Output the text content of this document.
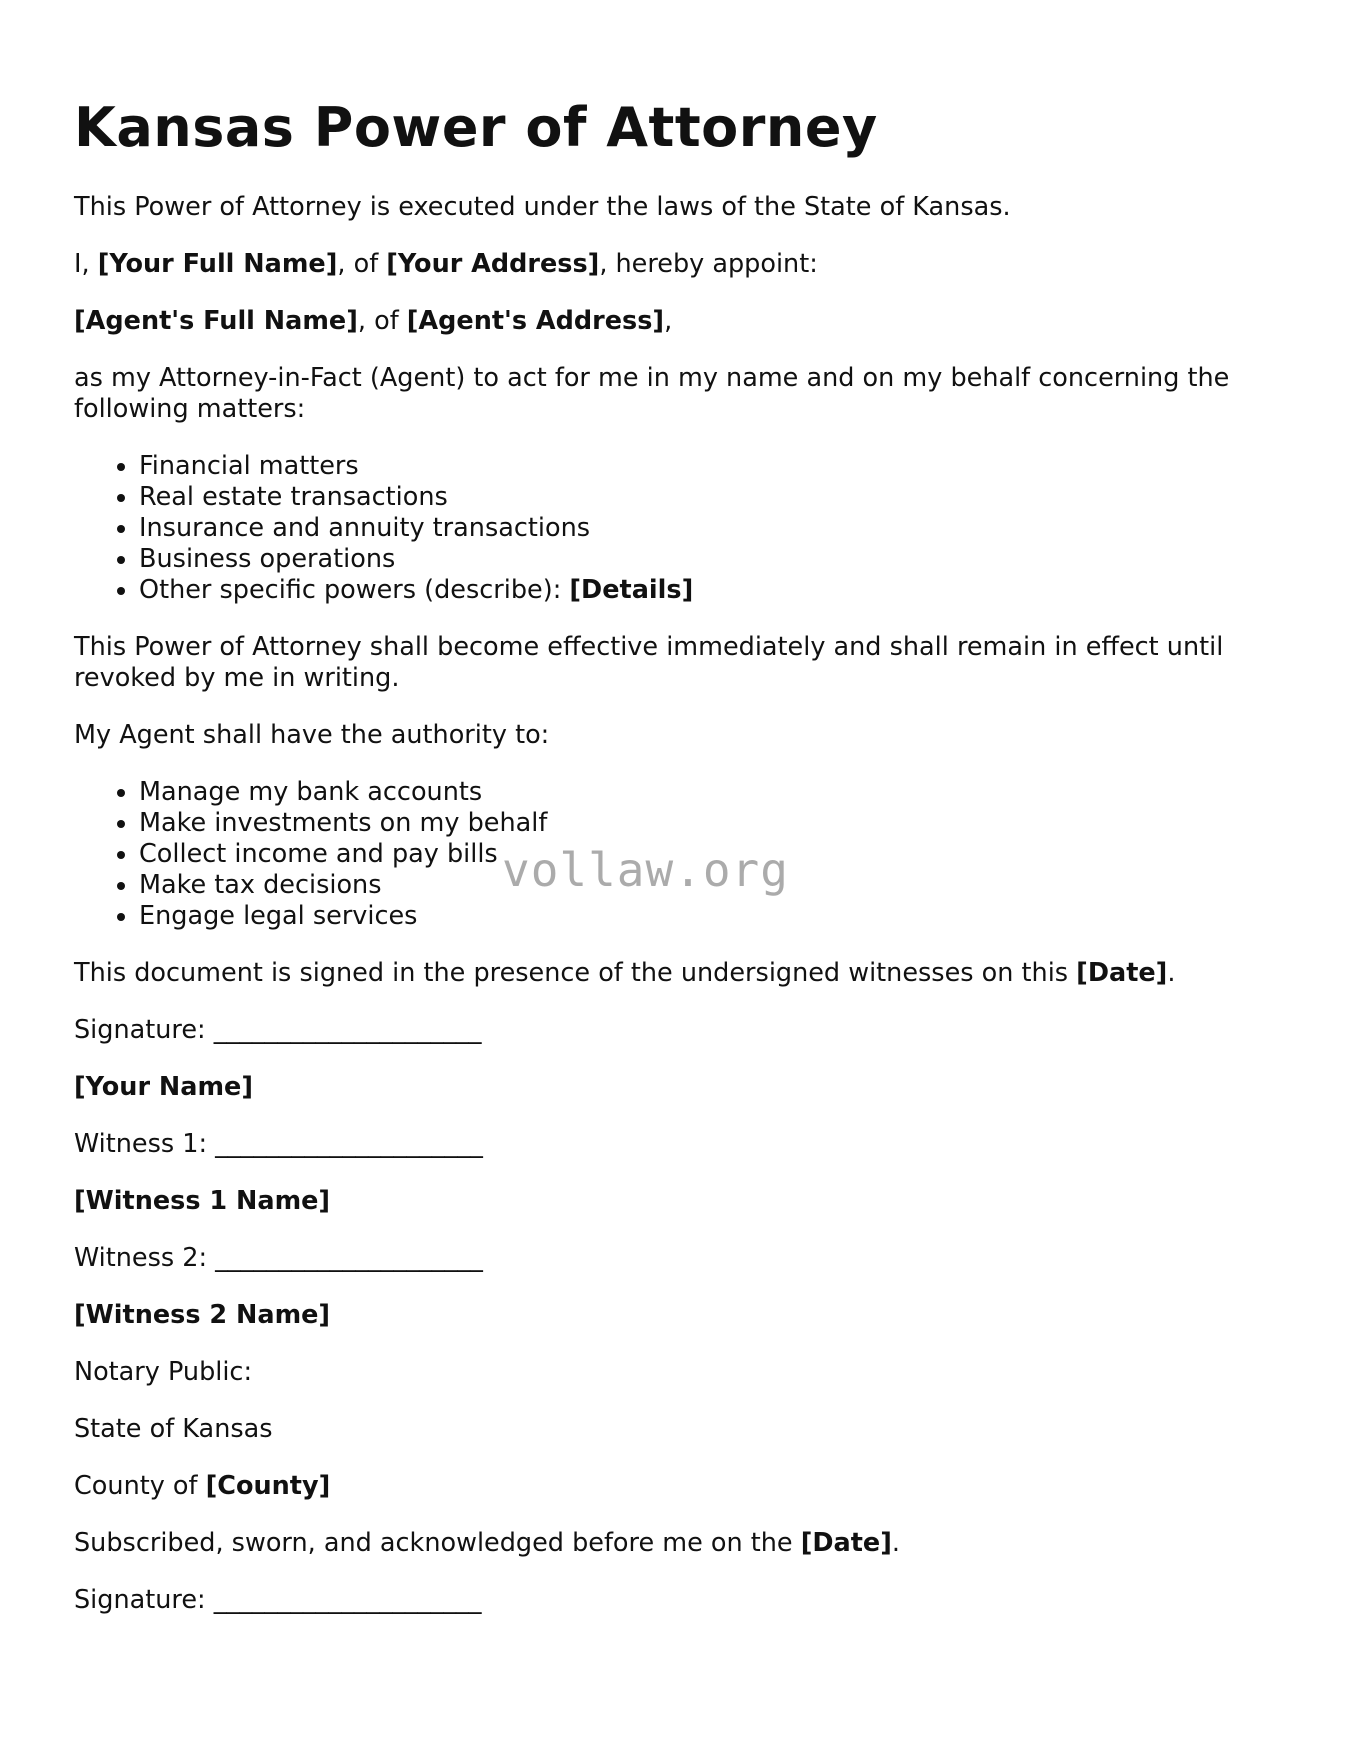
Kansas Power of Attorney

This Power of Attorney is executed under the laws of the State of Kansas.

I, [Your Full Name], of [Your Address], hereby appoint:

[Agent's Full Name], of [Agent's Address],

as my Attorney-in-Fact (Agent) to act for me in my name and on my behalf concerning the following matters:

• Financial matters
• Real estate transactions
• Insurance and annuity transactions
• Business operations
• Other specific powers (describe): [Details]

This Power of Attorney shall become effective immediately and shall remain in effect until revoked by me in writing.

My Agent shall have the authority to:

• Manage my bank accounts
• Make investments on my behalf
• Collect income and pay bills
• Make tax decisions
• Engage legal services

This document is signed in the presence of the undersigned witnesses on this [Date].

Signature: _____________________

[Your Name]

Witness 1: _____________________

[Witness 1 Name]

Witness 2: _____________________

[Witness 2 Name]

Notary Public:

State of Kansas

County of [County]

Subscribed, sworn, and acknowledged before me on the [Date].

Signature: _____________________

vollaw.org
